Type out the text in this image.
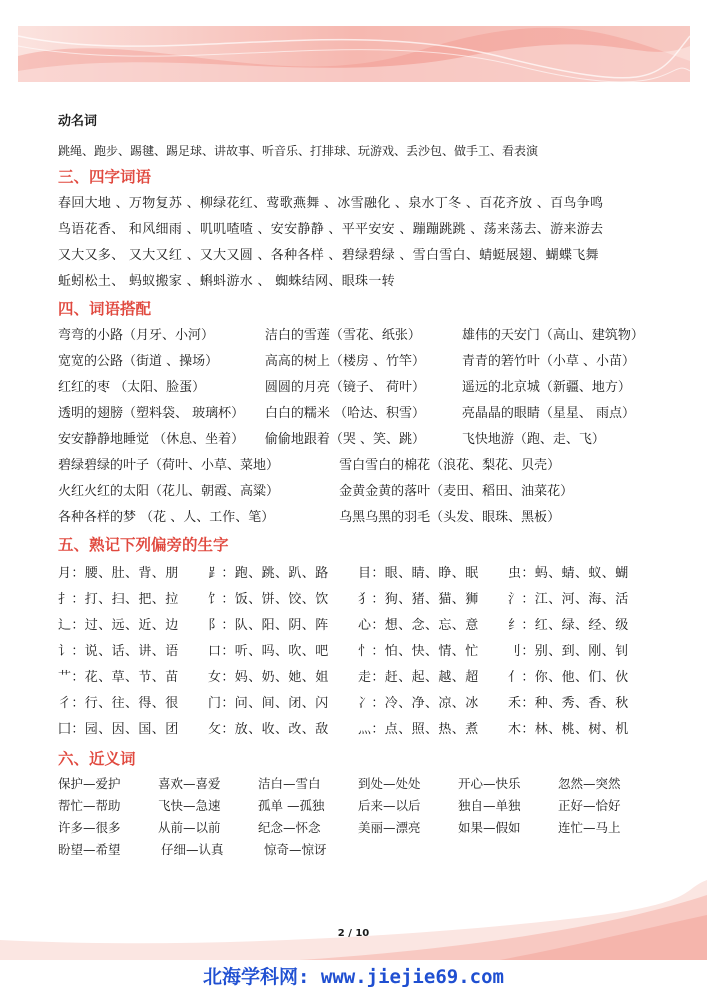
动名词
跳绳、跑步、踢毽、踢足球、讲故事、听音乐、打排球、玩游戏、丢沙包、做手工、看表演
三、四字词语
春回大地 、万物复苏 、柳绿花红、莺歌燕舞 、冰雪融化 、泉水丁冬 、百花齐放 、百鸟争鸣
鸟语花香、 和风细雨 、叽叽喳喳 、安安静静 、平平安安 、蹦蹦跳跳 、荡来荡去、游来游去
又大又多、 又大又红 、又大又圆 、各种各样 、碧绿碧绿 、雪白雪白、蜻蜓展翅、蝴蝶飞舞
蚯蚓松土、 蚂蚁搬家 、蝌蚪游水 、 蜘蛛结网、眼珠一转
四、词语搭配
弯弯的小路（月牙、小河）	洁白的雪莲（雪花、纸张）	雄伟的天安门（高山、建筑物）
宽宽的公路（街道 、操场）	高高的树上（楼房 、竹竿）	青青的箬竹叶（小草 、小苗）
红红的枣 （太阳、脸蛋）	圆圆的月亮（镜子、 荷叶）	遥远的北京城（新疆、地方）
透明的翅膀（塑料袋、 玻璃杯）	白白的糯米 （哈达、积雪）	亮晶晶的眼睛（星星、 雨点）
安安静静地睡觉 （休息、坐着）	偷偷地跟着（哭 、笑、跳）	飞快地游（跑、走、飞）
碧绿碧绿的叶子（荷叶、小草、菜地）	雪白雪白的棉花（浪花、梨花、贝壳）
火红火红的太阳（花儿、朝霞、高粱）	金黄金黄的落叶（麦田、稻田、油菜花）
各种各样的梦 （花 、人、工作、笔）	乌黑乌黑的羽毛（头发、眼珠、黑板）
五、熟记下列偏旁的生字
月：腰、肚、背、朋	⻊：跑、跳、趴、路	目：眼、睛、睁、眠	虫：蚂、蜻、蚁、蝴
扌：打、扫、把、拉	饣：饭、饼、饺、饮	犭：狗、猪、猫、狮	氵：江、河、海、活
辶：过、远、近、边	阝：队、阳、阴、阵	心：想、念、忘、意	纟：红、绿、经、级
讠：说、话、讲、语	口：听、吗、吹、吧	忄：怕、快、情、忙	刂：别、到、刚、钊
艹：花、草、节、苗	女：妈、奶、她、姐	走：赶、起、越、超	亻：你、他、们、伙
彳：行、往、得、很	门：问、间、闭、闪	冫：冷、净、凉、冰	禾：种、秀、香、秋
囗：园、因、国、团	攵：放、收、改、敌	灬：点、照、热、煮	木：林、桃、树、机
六、近义词
保护—爱护	喜欢—喜爱	洁白—雪白	到处—处处	开心—快乐	忽然—突然
帮忙—帮助	飞快—急速	孤单 —孤独	后来—以后	独自—单独	正好—恰好
许多—很多	从前—以前	纪念—怀念	美丽—漂亮	如果—假如	连忙—马上
盼望—希望	仔细—认真	惊奇—惊讶
2 / 10
北海学科网: www.jiejie69.com
